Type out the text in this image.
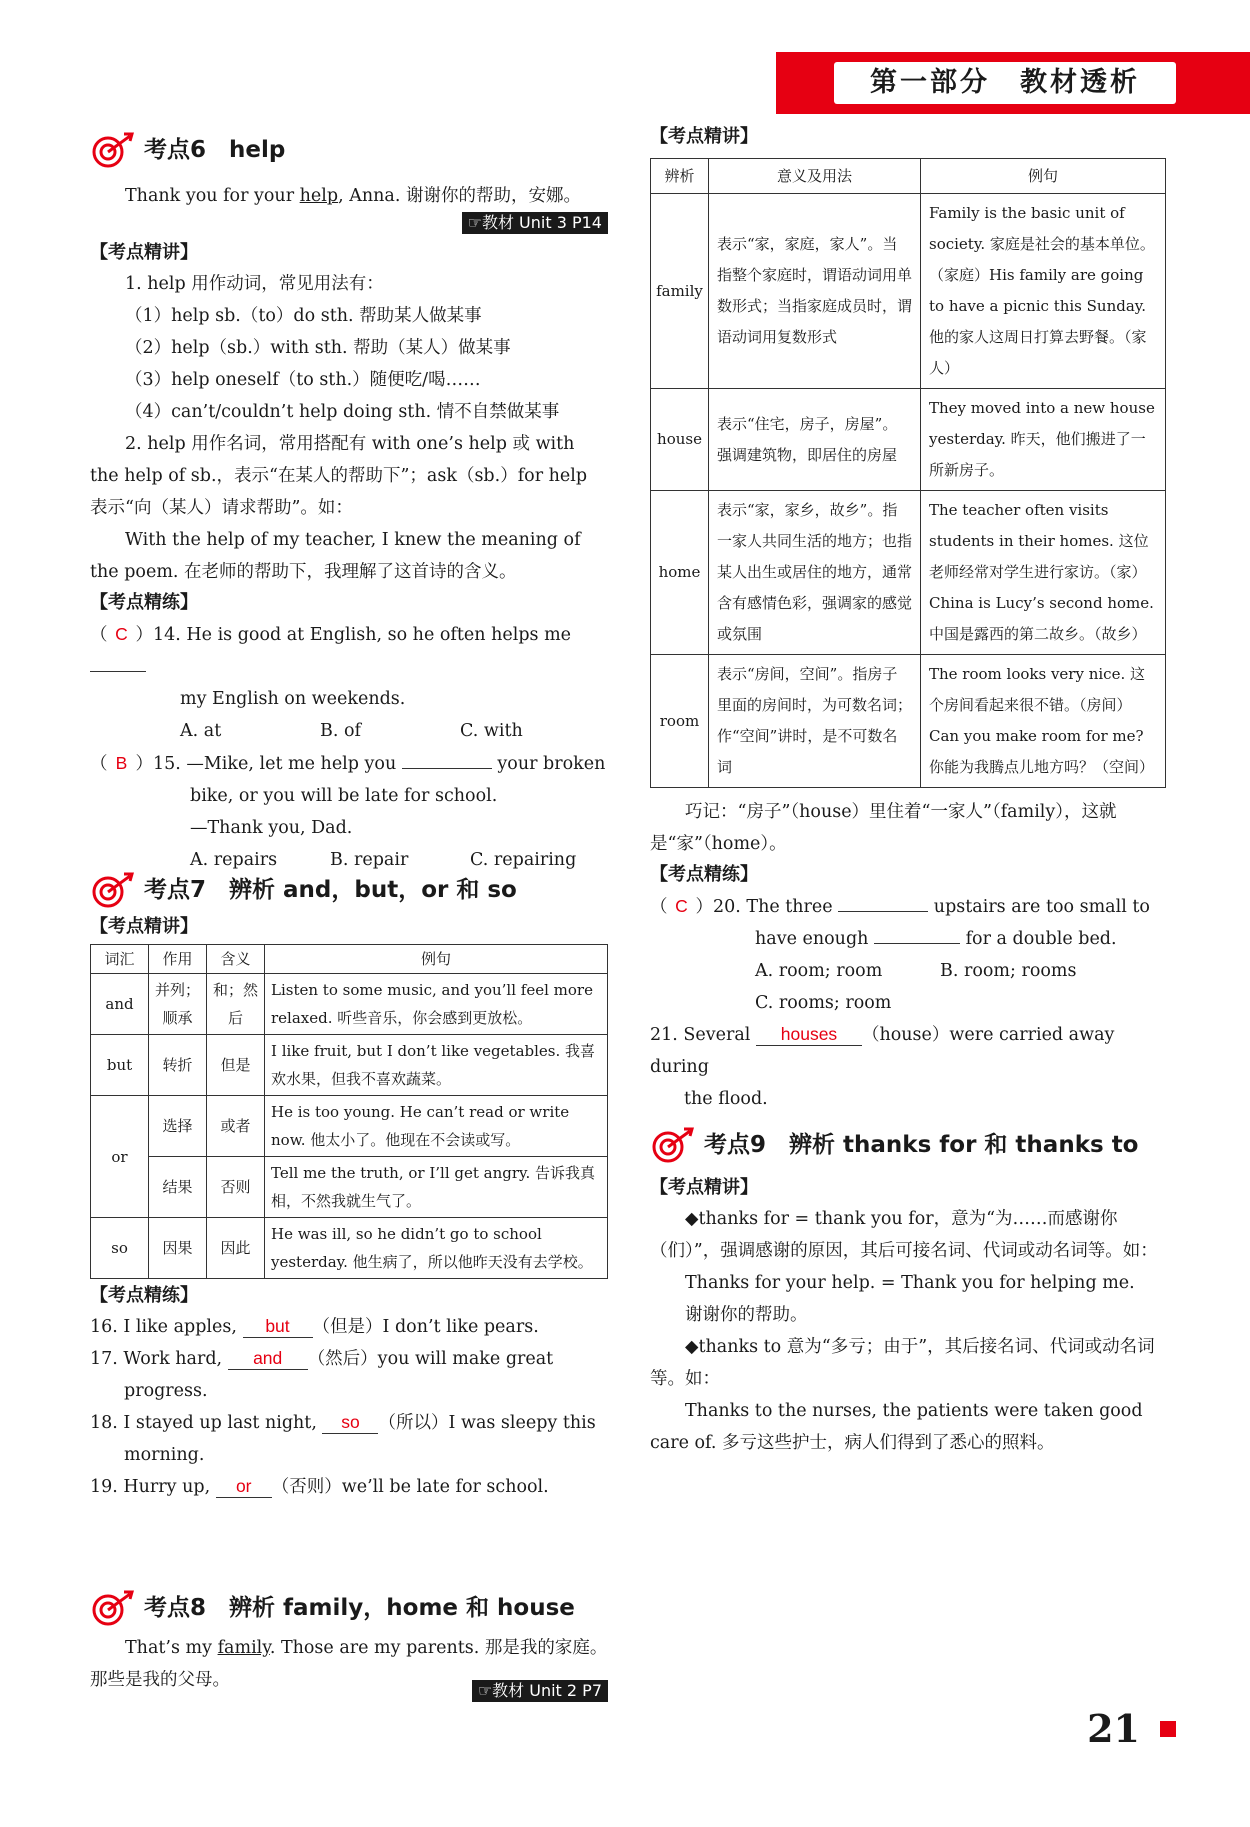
第一部分　教材透析
考点6　help
Thank you for your help, Anna. 谢谢你的帮助，安娜。
☞教材 Unit 3 P14
【考点精讲】
1. help 用作动词，常见用法有：
（1）help sb.（to）do sth. 帮助某人做某事
（2）help（sb.）with sth. 帮助（某人）做某事
（3）help oneself（to sth.）随便吃/喝……
（4）can’t/couldn’t help doing sth. 情不自禁做某事
2. help 用作名词，常用搭配有 with one’s help 或 with the help of sb.，表示“在某人的帮助下”；ask（sb.）for help 表示“向（某人）请求帮助”。如：
With the help of my teacher, I knew the meaning of the poem. 在老师的帮助下，我理解了这首诗的含义。
【考点精练】
（ C ）14. He is good at English, so he often helps me
my English on weekends.
A. at	B. of	C. with
（ B ）15. —Mike, let me help you	your broken
bike, or you will be late for school.
—Thank you, Dad.
A. repairs	B. repair	C. repairing
考点7　辨析 and，but，or 和 so
【考点精讲】
词汇	作用	含义	例句
and	并列；顺承	和；然后	Listen to some music, and you’ll feel more relaxed. 听些音乐，你会感到更放松。
but	转折	但是	I like fruit, but I don’t like vegetables. 我喜欢水果，但我不喜欢蔬菜。
or	选择	或者	He is too young. He can’t read or write now. 他太小了。他现在不会读或写。
	结果	否则	Tell me the truth, or I’ll get angry. 告诉我真相，不然我就生气了。
so	因果	因此	He was ill, so he didn’t go to school yesterday. 他生病了，所以他昨天没有去学校。
【考点精练】
16. I like apples, but （但是）I don’t like pears.
17. Work hard, and （然后）you will make great
progress.
18. I stayed up last night, so （所以）I was sleepy this
morning.
19. Hurry up, or （否则）we’ll be late for school.
考点8　辨析 family，home 和 house
That’s my family. Those are my parents. 那是我的家庭。那些是我的父母。
☞教材 Unit 2 P7
【考点精讲】
辨析	意义及用法	例句
family	表示“家，家庭，家人”。当指整个家庭时，谓语动词用单数形式；当指家庭成员时，谓语动词用复数形式	Family is the basic unit of society. 家庭是社会的基本单位。（家庭）His family are going to have a picnic this Sunday. 他的家人这周日打算去野餐。（家人）
house	表示“住宅，房子，房屋”。强调建筑物，即居住的房屋	They moved into a new house yesterday. 昨天，他们搬进了一所新房子。
home	表示“家，家乡，故乡”。指一家人共同生活的地方；也指某人出生或居住的地方，通常含有感情色彩，强调家的感觉或氛围	The teacher often visits students in their homes. 这位老师经常对学生进行家访。（家）China is Lucy’s second home. 中国是露西的第二故乡。（故乡）
room	表示“房间，空间”。指房子里面的房间时，为可数名词；作“空间”讲时，是不可数名词	The room looks very nice. 这个房间看起来很不错。（房间）Can you make room for me? 你能为我腾点儿地方吗？（空间）
巧记：“房子”（house）里住着“一家人”（family），这就是“家”（home）。
【考点精练】
（ C ）20. The three	upstairs are too small to
have enough	for a double bed.
A. room; room	B. room; rooms
C. rooms; room
21. Several houses （house）were carried away during
the flood.
考点9　辨析 thanks for 和 thanks to
【考点精讲】
◆thanks for = thank you for，意为“为……而感谢你（们）”，强调感谢的原因，其后可接名词、代词或动名词等。如：
Thanks for your help. = Thank you for helping me.
谢谢你的帮助。
◆thanks to 意为“多亏；由于”，其后接名词、代词或动名词等。如：
Thanks to the nurses, the patients were taken good care of. 多亏这些护士，病人们得到了悉心的照料。
21
